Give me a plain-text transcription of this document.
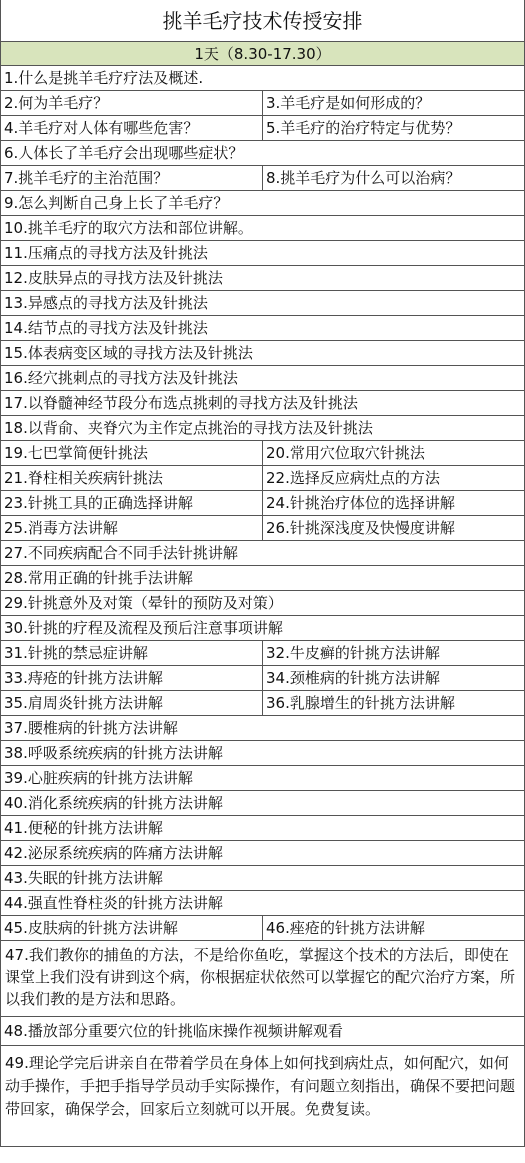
挑羊毛疗技术传授安排
1天（8.30-17.30）
1.什么是挑羊毛疗疗法及概述.
2.何为羊毛疗？	3.羊毛疗是如何形成的？
4.羊毛疗对人体有哪些危害？	5.羊毛疗的治疗特定与优势？
6.人体长了羊毛疗会出现哪些症状？
7.挑羊毛疗的主治范围？	8.挑羊毛疗为什么可以治病？
9.怎么判断自己身上长了羊毛疗？
10.挑羊毛疗的取穴方法和部位讲解。
11.压痛点的寻找方法及针挑法
12.皮肤异点的寻找方法及针挑法
13.异感点的寻找方法及针挑法
14.结节点的寻找方法及针挑法
15.体表病变区域的寻找方法及针挑法
16.经穴挑刺点的寻找方法及针挑法
17.以脊髓神经节段分布选点挑刺的寻找方法及针挑法
18.以背俞、夹脊穴为主作定点挑治的寻找方法及针挑法
19.七巴掌简便针挑法	20.常用穴位取穴针挑法
21.脊柱相关疾病针挑法	22.选择反应病灶点的方法
23.针挑工具的正确选择讲解	24.针挑治疗体位的选择讲解
25.消毒方法讲解	26.针挑深浅度及快慢度讲解
27.不同疾病配合不同手法针挑讲解
28.常用正确的针挑手法讲解
29.针挑意外及对策（晕针的预防及对策）
30.针挑的疗程及流程及预后注意事项讲解
31.针挑的禁忌症讲解	32.牛皮癣的针挑方法讲解
33.痔疮的针挑方法讲解	34.颈椎病的针挑方法讲解
35.肩周炎针挑方法讲解	36.乳腺增生的针挑方法讲解
37.腰椎病的针挑方法讲解
38.呼吸系统疾病的针挑方法讲解
39.心脏疾病的针挑方法讲解
40.消化系统疾病的针挑方法讲解
41.便秘的针挑方法讲解
42.泌尿系统疾病的阵痛方法讲解
43.失眠的针挑方法讲解
44.强直性脊柱炎的针挑方法讲解
45.皮肤病的针挑方法讲解	46.痤疮的针挑方法讲解
47.我们教你的捕鱼的方法，不是给你鱼吃，掌握这个技术的方法后，即使在课堂上我们没有讲到这个病，你根据症状依然可以掌握它的配穴治疗方案，所以我们教的是方法和思路。
48.播放部分重要穴位的针挑临床操作视频讲解观看
49.理论学完后讲亲自在带着学员在身体上如何找到病灶点，如何配穴，如何动手操作，手把手指导学员动手实际操作，有问题立刻指出，确保不要把问题带回家，确保学会，回家后立刻就可以开展。免费复读。
